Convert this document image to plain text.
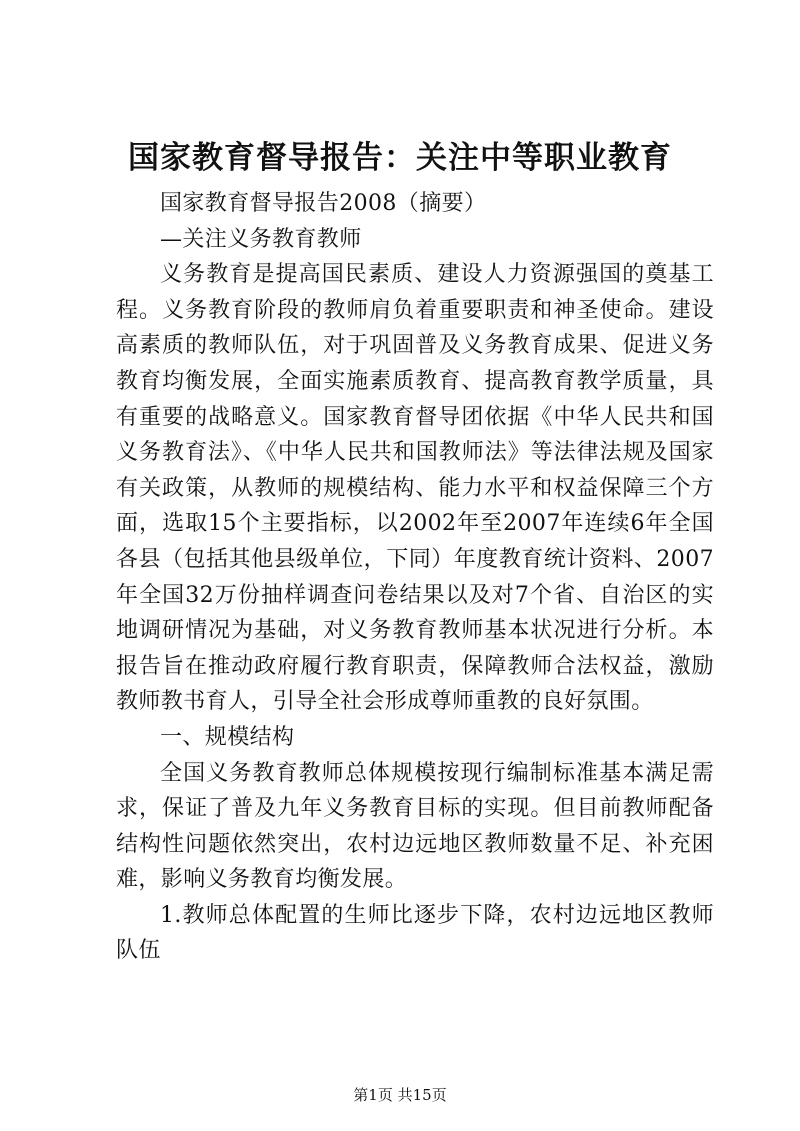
国家教育督导报告：关注中等职业教育

国家教育督导报告2008（摘要）

—关注义务教育教师

义务教育是提高国民素质、建设人力资源强国的奠基工程。义务教育阶段的教师肩负着重要职责和神圣使命。建设高素质的教师队伍，对于巩固普及义务教育成果、促进义务教育均衡发展，全面实施素质教育、提高教育教学质量，具有重要的战略意义。国家教育督导团依据《中华人民共和国义务教育法》、《中华人民共和国教师法》等法律法规及国家有关政策，从教师的规模结构、能力水平和权益保障三个方面，选取15个主要指标，以2002年至2007年连续6年全国各县（包括其他县级单位，下同）年度教育统计资料、2007年全国32万份抽样调查问卷结果以及对7个省、自治区的实地调研情况为基础，对义务教育教师基本状况进行分析。本报告旨在推动政府履行教育职责，保障教师合法权益，激励教师教书育人，引导全社会形成尊师重教的良好氛围。

一、规模结构

全国义务教育教师总体规模按现行编制标准基本满足需求，保证了普及九年义务教育目标的实现。但目前教师配备结构性问题依然突出，农村边远地区教师数量不足、补充困难，影响义务教育均衡发展。

1.教师总体配置的生师比逐步下降，农村边远地区教师队伍

第1页 共15页
